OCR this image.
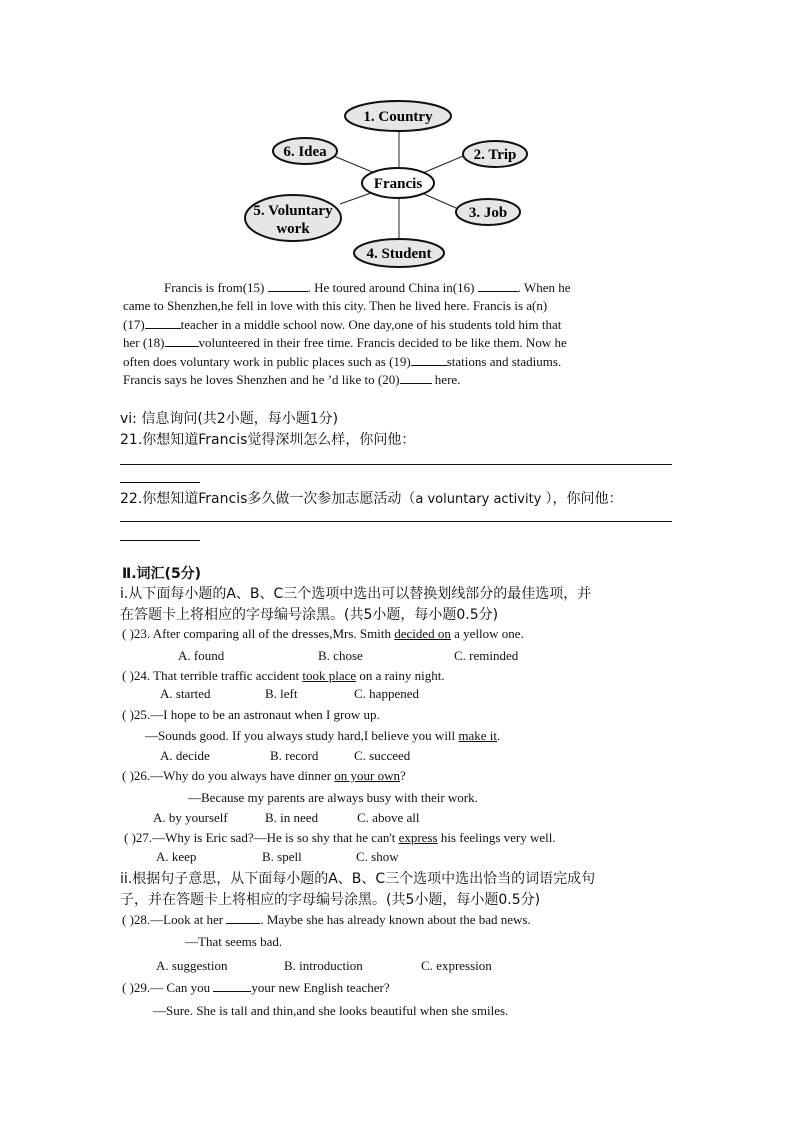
1. Country
6. Idea	2. Trip
Francis
5. Voluntary
work
3. Job
4. Student
Francis is from(15)	. He toured around China in(16)	. When he
came to Shenzhen,he fell in love with this city. Then he lived here. Francis is a(n)
(17)	teacher in a middle school now. One day,one of his students told him that
her (18)	volunteered in their free time. Francis decided to be like them. Now he
often does voluntary work in public places such as (19)	stations and stadiums.
Francis says he loves Shenzhen and he ’d like to (20) here.
vi: 信息询问(共2小题，每小题1分)
21.你想知道Francis觉得深圳怎么样，你问他：
22.你想知道Francis多久做一次参加志愿活动（a voluntary activity ），你问他：
Ⅱ.词汇(5分)
i.从下面每小题的A、B、C三个选项中选出可以替换划线部分的最佳选项，并
在答题卡上将相应的字母编号涂黑。(共5小题，每小题0.5分)
( )23. After comparing all of the dresses,Mrs. Smith decided on a yellow one.
A. found	B. chose	C. reminded
( )24. That terrible traffic accident took place on a rainy night.
A. started	B. left	C. happened
( )25.—I hope to be an astronaut when I grow up.
—Sounds good. If you always study hard,I believe you will make it.
A. decide	B. record	C. succeed
( )26.—Why do you always have dinner on your own?
—Because my parents are always busy with their work.
A. by yourself	B. in need	C. above all
( )27.—Why is Eric sad?—He is so shy that he can't express his feelings very well.
A. keep	B. spell	C. show
ii.根据句子意思，从下面每小题的A、B、C三个选项中选出恰当的词语完成句
子，并在答题卡上将相应的字母编号涂黑。(共5小题，每小题0.5分)
( )28.—Look at her	. Maybe she has already known about the bad news.
—That seems bad.
A. suggestion	B. introduction	C. expression
( )29.— Can you	your new English teacher?
—Sure. She is tall and thin,and she looks beautiful when she smiles.
